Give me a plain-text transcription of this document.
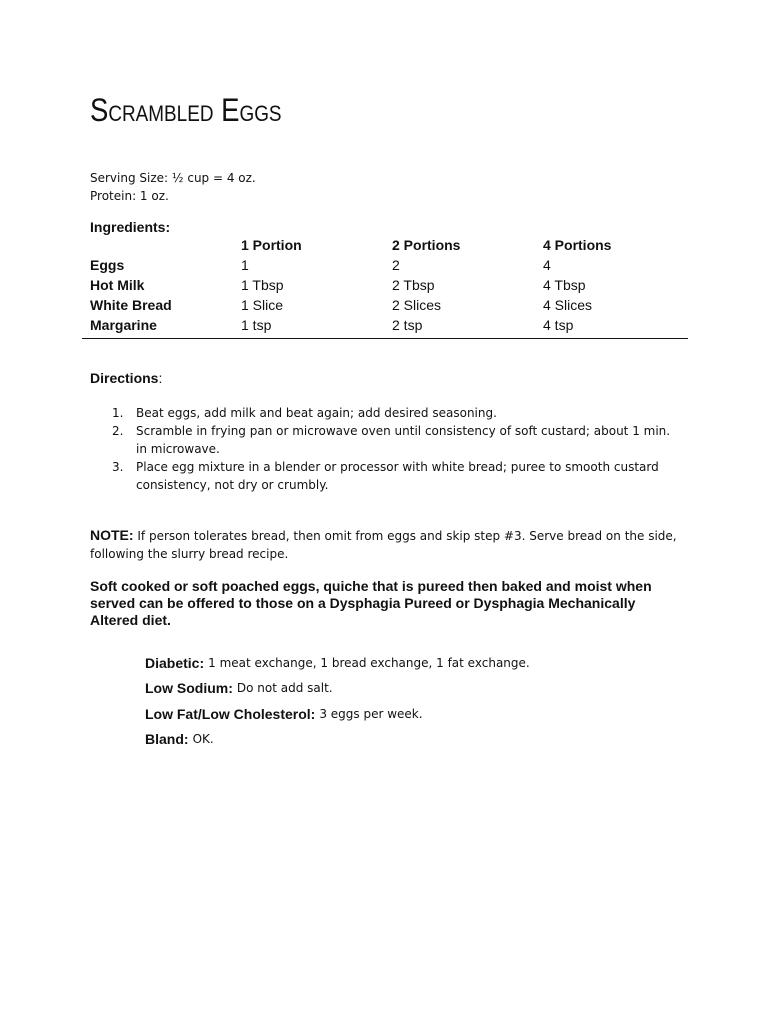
Scrambled Eggs
Serving Size: ½ cup = 4 oz.
Protein: 1 oz.
Ingredients:
	1 Portion	2 Portions	4 Portions
Eggs	1	2	4
Hot Milk	1 Tbsp	2 Tbsp	4 Tbsp
White Bread	1 Slice	2 Slices	4 Slices
Margarine	1 tsp	2 tsp	4 tsp
Directions:
1.	Beat eggs, add milk and beat again; add desired seasoning.
2.	Scramble in frying pan or microwave oven until consistency of soft custard; about 1 min. in microwave.
3.	Place egg mixture in a blender or processor with white bread; puree to smooth custard consistency, not dry or crumbly.
NOTE: If person tolerates bread, then omit from eggs and skip step #3. Serve bread on the side, following the slurry bread recipe.
Soft cooked or soft poached eggs, quiche that is pureed then baked and moist when served can be offered to those on a Dysphagia Pureed or Dysphagia Mechanically Altered diet.
Diabetic: 1 meat exchange, 1 bread exchange, 1 fat exchange.
Low Sodium: Do not add salt.
Low Fat/Low Cholesterol: 3 eggs per week.
Bland: OK.
